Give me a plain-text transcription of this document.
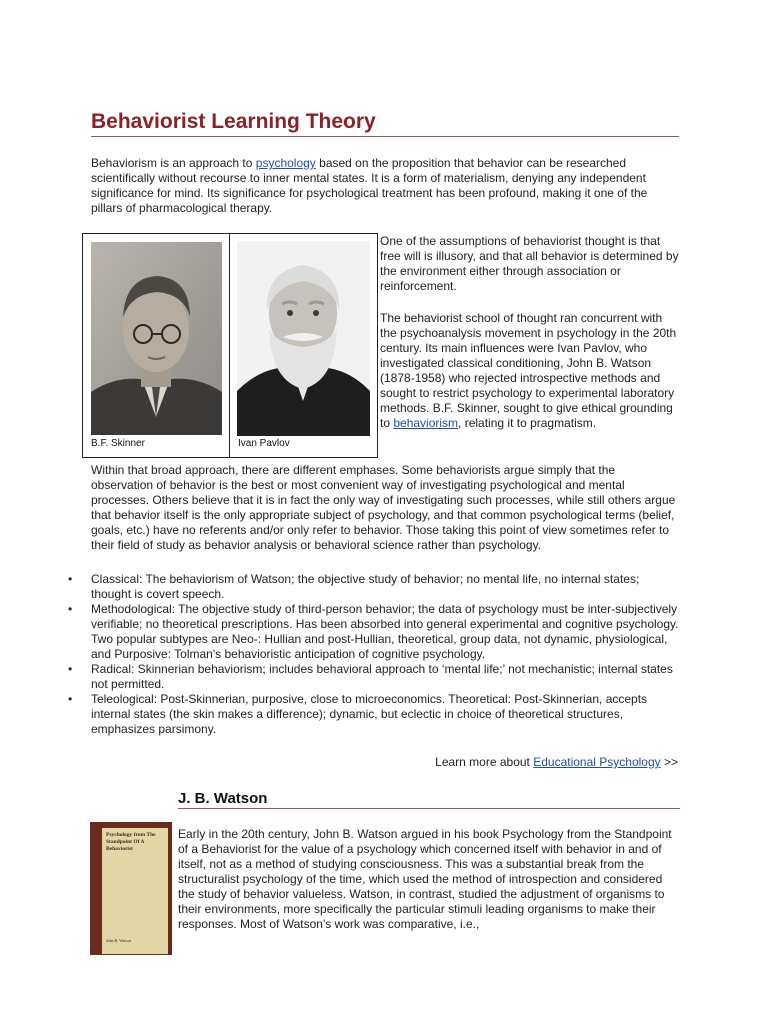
Behaviorist Learning Theory

Behaviorism is an approach to psychology based on the proposition that behavior can be researched scientifically without recourse to inner mental states. It is a form of materialism, denying any independent significance for mind. Its significance for psychological treatment has been profound, making it one of the pillars of pharmacological therapy.

B.F. Skinner	Ivan Pavlov

One of the assumptions of behaviorist thought is that free will is illusory, and that all behavior is determined by the environment either through association or reinforcement.

The behaviorist school of thought ran concurrent with the psychoanalysis movement in psychology in the 20th century. Its main influences were Ivan Pavlov, who investigated classical conditioning, John B. Watson (1878-1958) who rejected introspective methods and sought to restrict psychology to experimental laboratory methods. B.F. Skinner, sought to give ethical grounding to behaviorism, relating it to pragmatism.

Within that broad approach, there are different emphases. Some behaviorists argue simply that the observation of behavior is the best or most convenient way of investigating psychological and mental processes. Others believe that it is in fact the only way of investigating such processes, while still others argue that behavior itself is the only appropriate subject of psychology, and that common psychological terms (belief, goals, etc.) have no referents and/or only refer to behavior. Those taking this point of view sometimes refer to their field of study as behavior analysis or behavioral science rather than psychology.

• Classical: The behaviorism of Watson; the objective study of behavior; no mental life, no internal states; thought is covert speech.
• Methodological: The objective study of third-person behavior; the data of psychology must be inter-subjectively verifiable; no theoretical prescriptions. Has been absorbed into general experimental and cognitive psychology. Two popular subtypes are Neo-: Hullian and post-Hullian, theoretical, group data, not dynamic, physiological, and Purposive: Tolman's behavioristic anticipation of cognitive psychology.
• Radical: Skinnerian behaviorism; includes behavioral approach to ‘mental life;’ not mechanistic; internal states not permitted.
• Teleological: Post-Skinnerian, purposive, close to microeconomics. Theoretical: Post-Skinnerian, accepts internal states (the skin makes a difference); dynamic, but eclectic in choice of theoretical structures, emphasizes parsimony.

Learn more about Educational Psychology >>

J. B. Watson
Psychology from The Standpoint Of A Behaviorist
John B. Watson

Early in the 20th century, John B. Watson argued in his book Psychology from the Standpoint of a Behaviorist for the value of a psychology which concerned itself with behavior in and of itself, not as a method of studying consciousness. This was a substantial break from the structuralist psychology of the time, which used the method of introspection and considered the study of behavior valueless. Watson, in contrast, studied the adjustment of organisms to their environments, more specifically the particular stimuli leading organisms to make their responses. Most of Watson's work was comparative, i.e.,
